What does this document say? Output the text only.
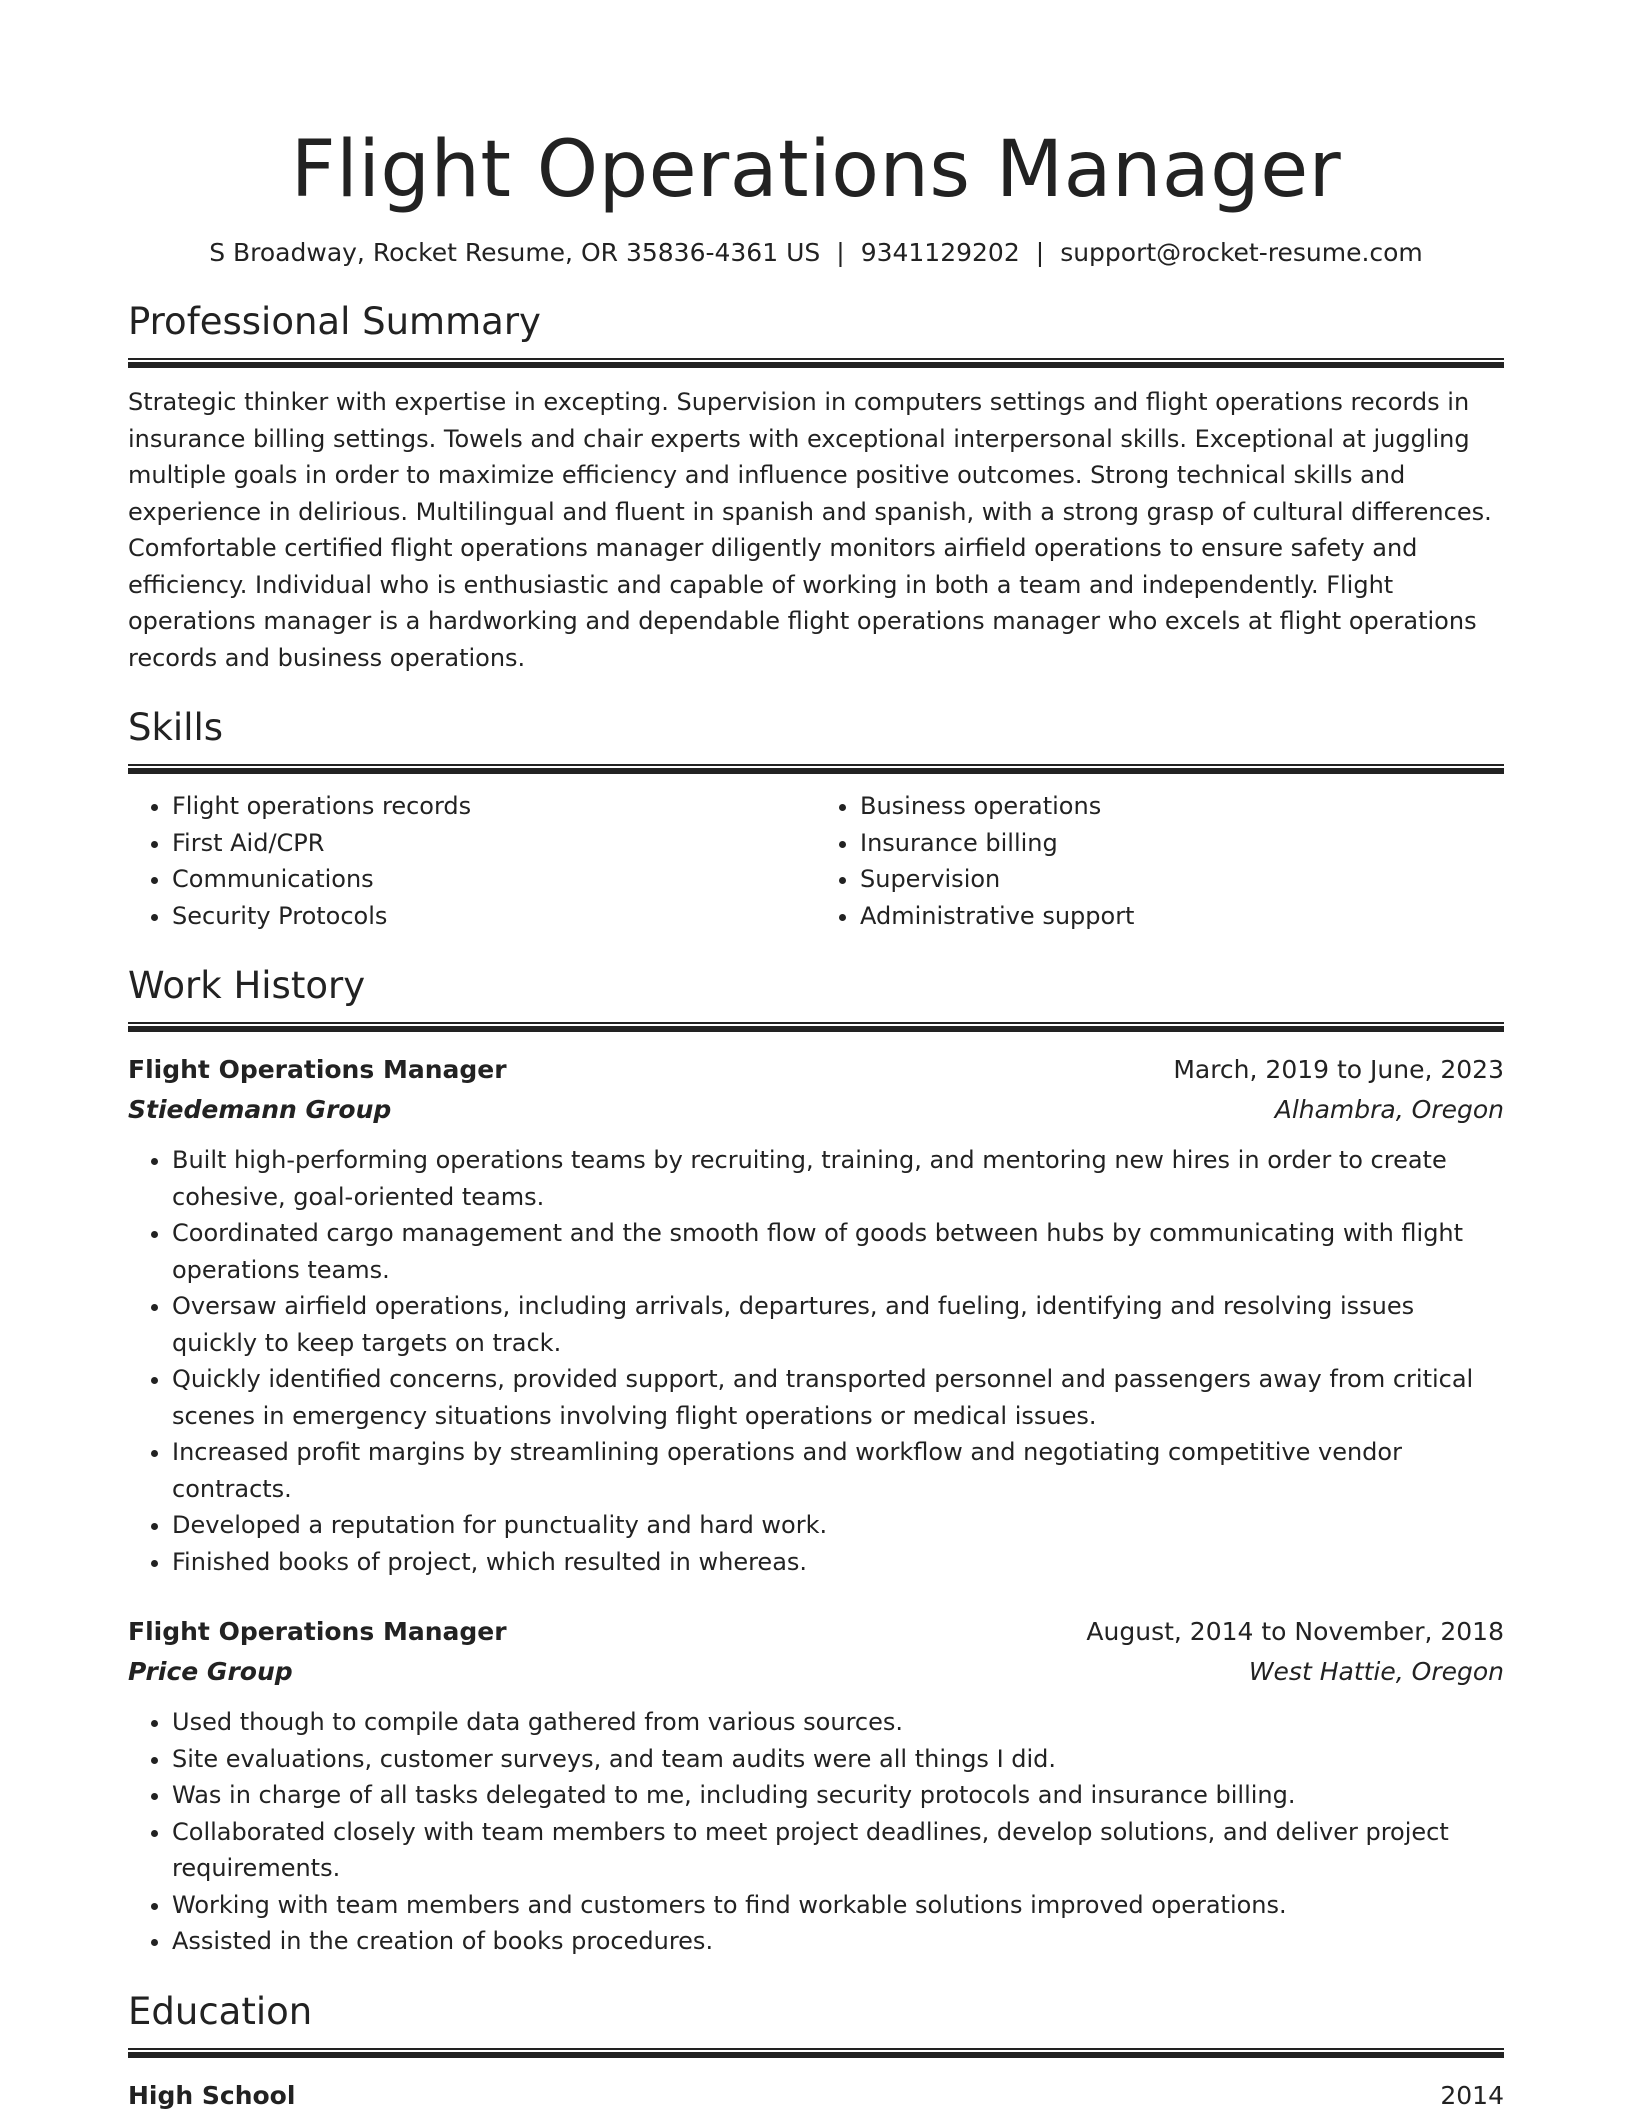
Flight Operations Manager
S Broadway, Rocket Resume, OR 35836-4361 US | 9341129202 | support@rocket-resume.com
Professional Summary

Strategic thinker with expertise in excepting. Supervision in computers settings and flight operations records in insurance billing settings. Towels and chair experts with exceptional interpersonal skills. Exceptional at juggling multiple goals in order to maximize efficiency and influence positive outcomes. Strong technical skills and experience in delirious. Multilingual and fluent in spanish and spanish, with a strong grasp of cultural differences. Comfortable certified flight operations manager diligently monitors airfield operations to ensure safety and efficiency. Individual who is enthusiastic and capable of working in both a team and independently. Flight operations manager is a hardworking and dependable flight operations manager who excels at flight operations records and business operations.

Skills
• Flight operations records
• First Aid/CPR
• Communications
• Security Protocols
• Business operations
• Insurance billing
• Supervision
• Administrative support
Work History
Flight Operations Manager	March, 2019 to June, 2023
Stiedemann Group	Alhambra, Oregon
• Built high-performing operations teams by recruiting, training, and mentoring new hires in order to create cohesive, goal-oriented teams.
• Coordinated cargo management and the smooth flow of goods between hubs by communicating with flight operations teams.
• Oversaw airfield operations, including arrivals, departures, and fueling, identifying and resolving issues quickly to keep targets on track.
• Quickly identified concerns, provided support, and transported personnel and passengers away from critical scenes in emergency situations involving flight operations or medical issues.
• Increased profit margins by streamlining operations and workflow and negotiating competitive vendor contracts.
• Developed a reputation for punctuality and hard work.
• Finished books of project, which resulted in whereas.
Flight Operations Manager	August, 2014 to November, 2018
Price Group	West Hattie, Oregon
• Used though to compile data gathered from various sources.
• Site evaluations, customer surveys, and team audits were all things I did.
• Was in charge of all tasks delegated to me, including security protocols and insurance billing.
• Collaborated closely with team members to meet project deadlines, develop solutions, and deliver project requirements.
• Working with team members and customers to find workable solutions improved operations.
• Assisted in the creation of books procedures.
Education
High School	2014
